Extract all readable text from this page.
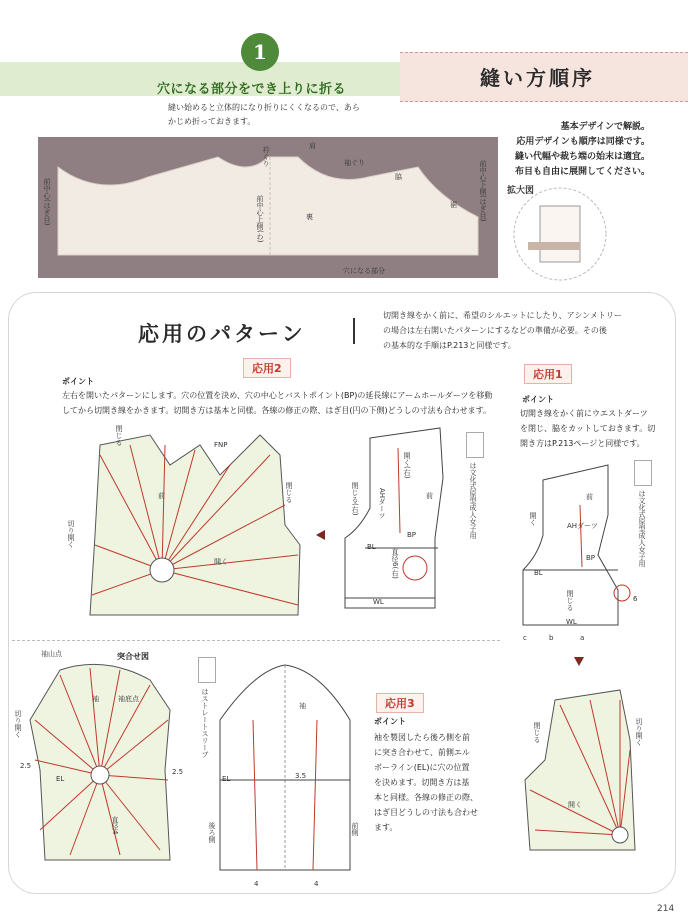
1
穴になる部分をでき上りに折る
縫い始めると立体的になり折りにくくなるので、あら
かじめ折っておきます。
縫い方順序
基本デザインで解説。
応用デザインも順序は同様です。
縫い代幅や裁ち端の始末は適宜。
布目も自由に展開してください。
拡大図
肩
袖ぐり
脇
裾
裏
穴になる部分
衿ぐり
前中心(はぎ目)	前中心上側(わ)	前中心下側(はぎ目)
応用のパターン
切開き線をかく前に、希望のシルエットにしたり、アシンメトリー
の場合は左右開いたパターンにするなどの準備が必要。その後
の基本的な手順はP.213と同様です。
応用2
ポイント
左右を開いたパターンにします。穴の位置を決め、穴の中心とバストポイント(BP)の延長線にアームホールダーツを移動
してから切開き線をかきます。切開き方は基本と同様。各線の修正の際、はぎ目(円の下側)どうしの寸法も合わせます。
FNP
前
開く
閉じる
閉じる
切り開く
開く(右)
AHダーツ
閉じる(右)	前
BP
BL
WL
直径6(右)
は文化式原型成人女子用
応用1
ポイント
切開き線をかく前にウエストダーツ
を閉じ、脇をカットしておきます。切
開き方はP.213ページと同様です。
前
AHダーツ
BP
BL
WL
6
c	b	a
開く
閉じる
は文化式原型成人女子用
開く
閉じる	切り開く
袖山点	突合せ図
袖	袖底点
EL
2.5
2.5
直径4
切り開く	はストレートスリーブ	袖
EL	3.5
後ろ側	前側
4	4
応用3
ポイント
袖を製図したら後ろ側を前
に突き合わせて、前側エル
ボーライン(EL)に穴の位置
を決めます。切開き方は基
本と同様。各線の修正の際、
はぎ目どうしの寸法も合わせ
ます。
214
